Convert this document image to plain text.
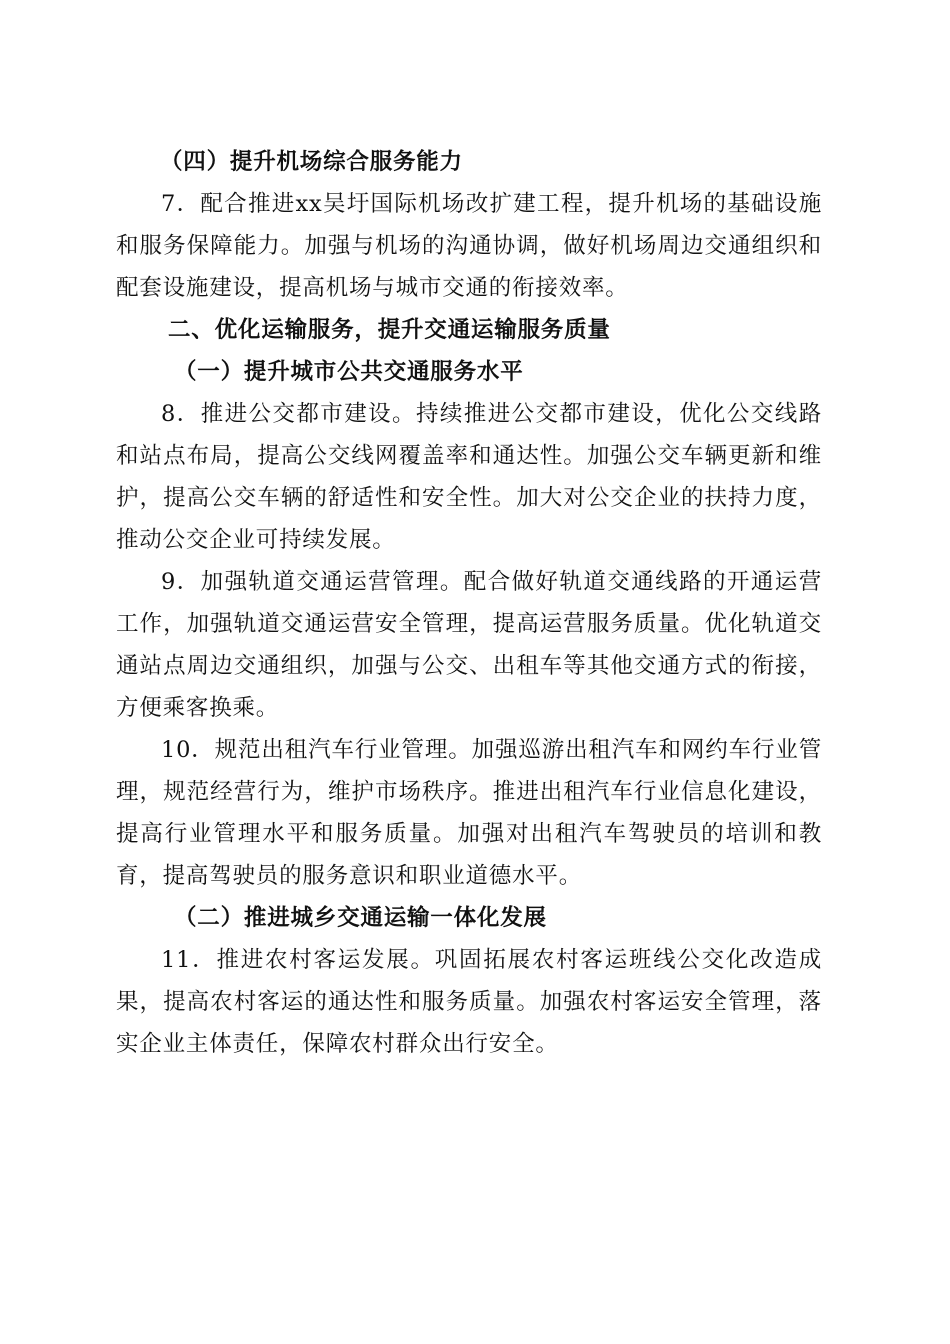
（四）提升机场综合服务能力

7．配合推进xx吴圩国际机场改扩建工程，提升机场的基础设施和服务保障能力。加强与机场的沟通协调，做好机场周边交通组织和配套设施建设，提高机场与城市交通的衔接效率。

二、优化运输服务，提升交通运输服务质量

（一）提升城市公共交通服务水平

8．推进公交都市建设。持续推进公交都市建设，优化公交线路和站点布局，提高公交线网覆盖率和通达性。加强公交车辆更新和维护，提高公交车辆的舒适性和安全性。加大对公交企业的扶持力度，推动公交企业可持续发展。

9．加强轨道交通运营管理。配合做好轨道交通线路的开通运营工作，加强轨道交通运营安全管理，提高运营服务质量。优化轨道交通站点周边交通组织，加强与公交、出租车等其他交通方式的衔接，方便乘客换乘。

10．规范出租汽车行业管理。加强巡游出租汽车和网约车行业管理，规范经营行为，维护市场秩序。推进出租汽车行业信息化建设，提高行业管理水平和服务质量。加强对出租汽车驾驶员的培训和教育，提高驾驶员的服务意识和职业道德水平。

（二）推进城乡交通运输一体化发展

11．推进农村客运发展。巩固拓展农村客运班线公交化改造成果，提高农村客运的通达性和服务质量。加强农村客运安全管理，落实企业主体责任，保障农村群众出行安全。
